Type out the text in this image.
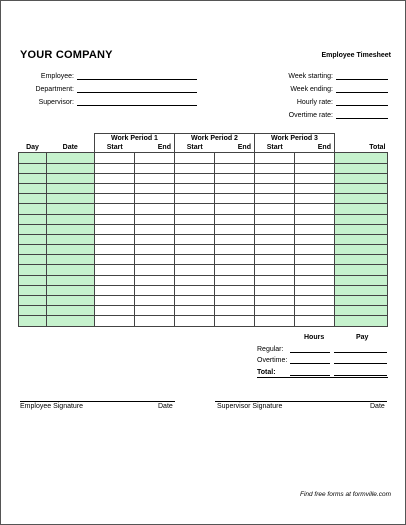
YOUR COMPANY	Employee Timesheet
Employee:
Department:
Supervisor:
Week starting:
Week ending:
Hourly rate:
Overtime rate:
		Work Period 1		Work Period 2		Work Period 3		
Day	Date	Start	End	Start	End	Start	End	Total

Hours	Pay
Regular:
Overtime:
Total:
Employee Signature	Date	Supervisor Signature	Date
Find free forms at formville.com
